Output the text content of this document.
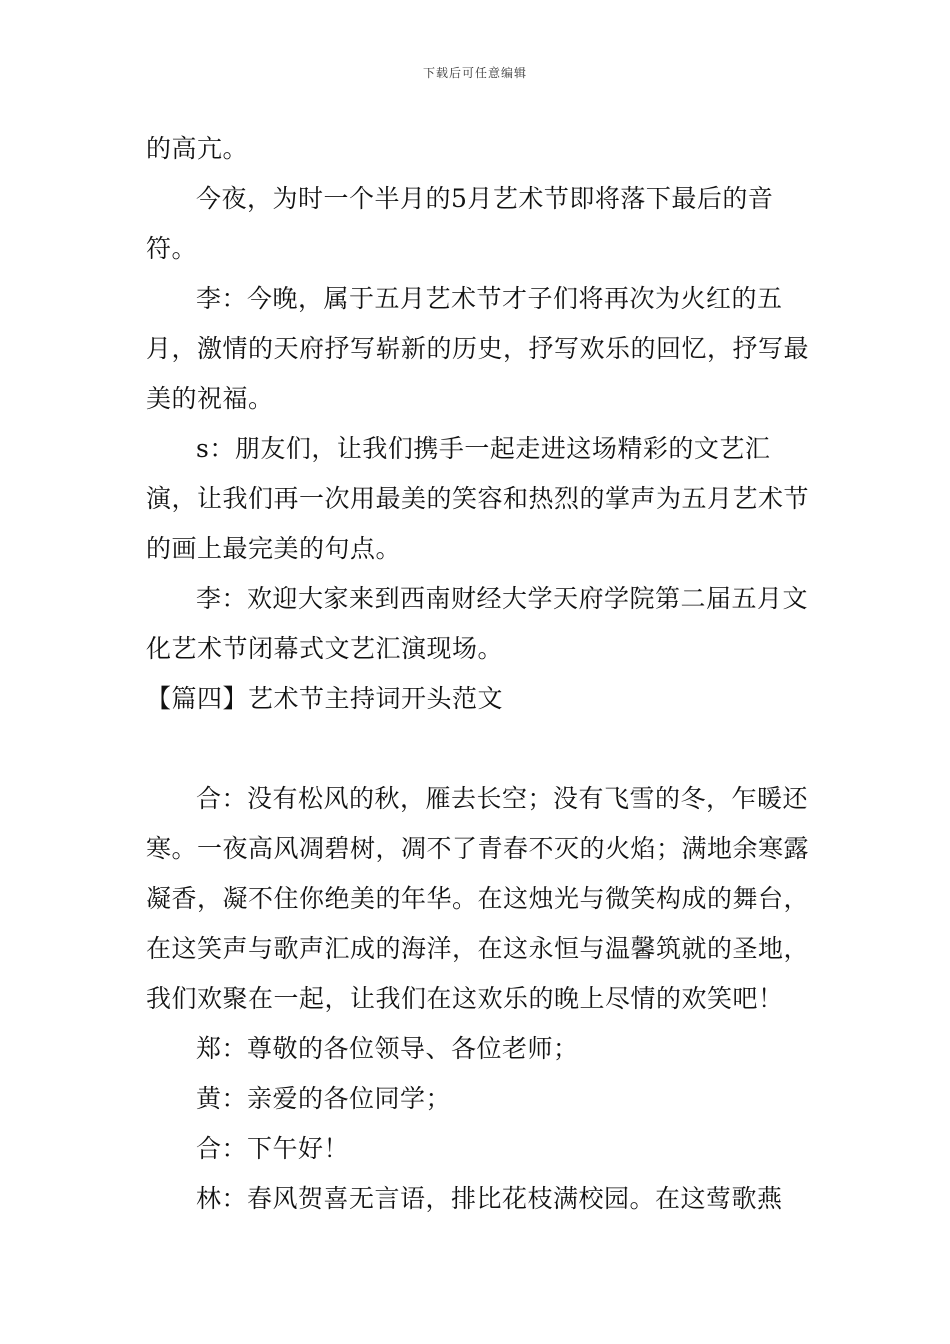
下载后可任意编辑

的高亢。

今夜，为时一个半月的5月艺术节即将落下最后的音符。

李：今晚，属于五月艺术节才子们将再次为火红的五月，激情的天府抒写崭新的历史，抒写欢乐的回忆，抒写最美的祝福。

s：朋友们，让我们携手一起走进这场精彩的文艺汇演，让我们再一次用最美的笑容和热烈的掌声为五月艺术节的画上最完美的句点。

李：欢迎大家来到西南财经大学天府学院第二届五月文化艺术节闭幕式文艺汇演现场。

【篇四】艺术节主持词开头范文

合：没有松风的秋，雁去长空；没有飞雪的冬，乍暖还寒。一夜高风凋碧树，凋不了青春不灭的火焰；满地余寒露凝香，凝不住你绝美的年华。在这烛光与微笑构成的舞台，在这笑声与歌声汇成的海洋，在这永恒与温馨筑就的圣地，我们欢聚在一起，让我们在这欢乐的晚上尽情的欢笑吧！

郑：尊敬的各位领导、各位老师；

黄：亲爱的各位同学；

合：下午好！

林：春风贺喜无言语，排比花枝满校园。在这莺歌燕
